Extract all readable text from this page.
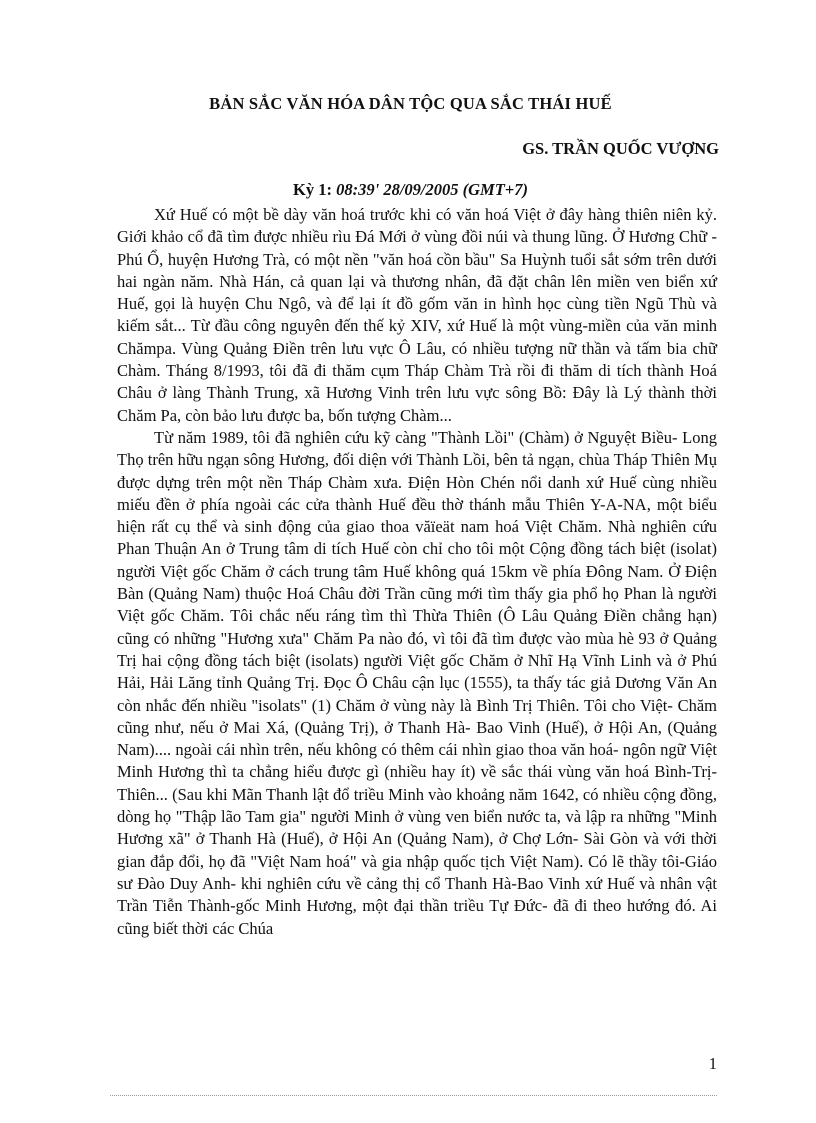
BẢN SẮC VĂN HÓA DÂN TỘC QUA SẮC THÁI HUẾ
GS. TRẦN QUỐC VƯỢNG
Kỳ 1: 08:39' 28/09/2005 (GMT+7)

Xứ Huế có một bề dày văn hoá trước khi có văn hoá Việt ở đây hàng thiên niên kỷ. Giới khảo cổ đã tìm được nhiều rìu Đá Mới ở vùng đồi núi và thung lũng. Ở Hương Chữ - Phú Ổ, huyện Hương Trà, có một nền "văn hoá cồn bầu" Sa Huỳnh tuổi sắt sớm trên dưới hai ngàn năm. Nhà Hán, cả quan lại và thương nhân, đã đặt chân lên miền ven biển xứ Huế, gọi là huyện Chu Ngô, và để lại ít đồ gốm văn in hình học cùng tiền Ngũ Thù và kiếm sắt... Từ đầu công nguyên đến thế kỷ XIV, xứ Huế là một vùng-miền của văn minh Chămpa. Vùng Quảng Điền trên lưu vực Ô Lâu, có nhiều tượng nữ thần và tấm bia chữ Chàm. Tháng 8/1993, tôi đã đi thăm cụm Tháp Chàm Trà rồi đi thăm di tích thành Hoá Châu ở làng Thành Trung, xã Hương Vinh trên lưu vực sông Bồ: Đây là Lý thành thời Chăm Pa, còn bảo lưu được ba, bốn tượng Chàm...

Từ năm 1989, tôi đã nghiên cứu kỹ càng "Thành Lồi" (Chàm) ở Nguyệt Biều- Long Thọ trên hữu ngạn sông Hương, đối diện với Thành Lồi, bên tả ngạn, chùa Tháp Thiên Mụ được dựng trên một nền Tháp Chàm xưa. Điện Hòn Chén nổi danh xứ Huế cùng nhiều miếu đền ở phía ngoài các cửa thành Huế đều thờ thánh mẫu Thiên Y-A-NA, một biểu hiện rất cụ thể và sinh động của giao thoa văïeät nam hoá Việt Chăm. Nhà nghiên cứu Phan Thuận An ở Trung tâm di tích Huế còn chỉ cho tôi một Cộng đồng tách biệt (isolat) người Việt gốc Chăm ở cách trung tâm Huế không quá 15km về phía Đông Nam. Ở Điện Bàn (Quảng Nam) thuộc Hoá Châu đời Trần cũng mới tìm thấy gia phổ họ Phan là người Việt gốc Chăm. Tôi chắc nếu ráng tìm thì Thừa Thiên (Ô Lâu Quảng Điền chẳng hạn) cũng có những "Hương xưa" Chăm Pa nào đó, vì tôi đã tìm được vào mùa hè 93 ở Quảng Trị hai cộng đồng tách biệt (isolats) người Việt gốc Chăm ở Nhĩ Hạ Vĩnh Linh và ở Phú Hải, Hải Lăng tỉnh Quảng Trị. Đọc Ô Châu cận lục (1555), ta thấy tác giả Dương Văn An còn nhắc đến nhiều "isolats" (1) Chăm ở vùng này là Bình Trị Thiên. Tôi cho Việt- Chăm cũng như, nếu ở Mai Xá, (Quảng Trị), ở Thanh Hà- Bao Vinh (Huế), ở Hội An, (Quảng Nam).... ngoài cái nhìn trên, nếu không có thêm cái nhìn giao thoa văn hoá- ngôn ngữ Việt Minh Hương thì ta chẳng hiểu được gì (nhiều hay ít) về sắc thái vùng văn hoá Bình-Trị-Thiên... (Sau khi Mãn Thanh lật đổ triều Minh vào khoảng năm 1642, có nhiều cộng đồng, dòng họ "Thập lão Tam gia" người Minh ở vùng ven biển nước ta, và lập ra những "Minh Hương xã" ở Thanh Hà (Huế), ở Hội An (Quảng Nam), ở Chợ Lớn- Sài Gòn và với thời gian đắp đổi, họ đã "Việt Nam hoá" và gia nhập quốc tịch Việt Nam). Có lẽ thầy tôi-Giáo sư Đào Duy Anh- khi nghiên cứu về cảng thị cổ Thanh Hà-Bao Vinh xứ Huế và nhân vật Trần Tiễn Thành-gốc Minh Hương, một đại thần triều Tự Đức- đã đi theo hướng đó. Ai cũng biết thời các Chúa

1
